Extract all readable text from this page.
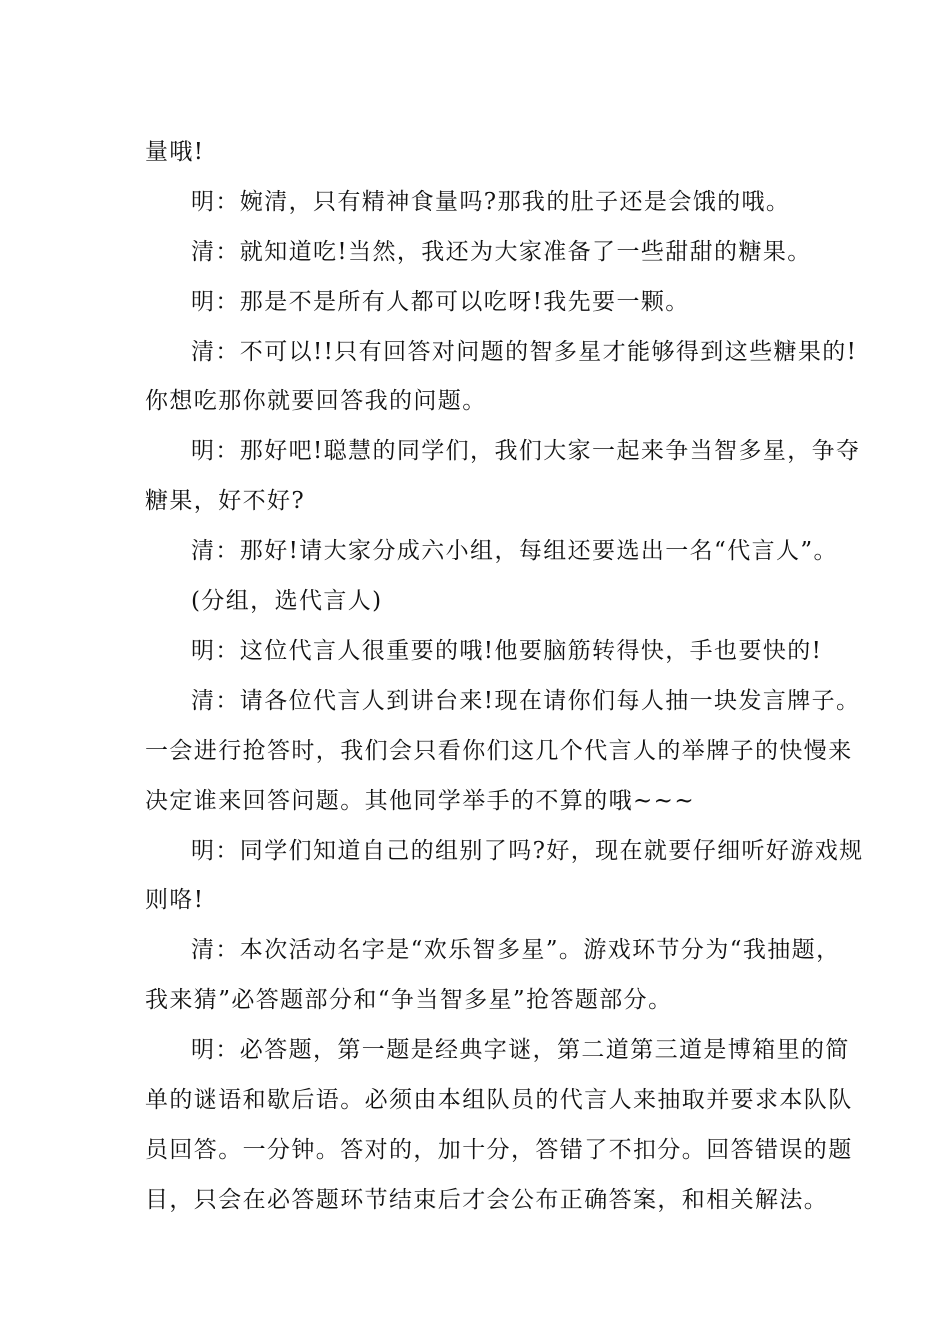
量哦!
明：婉清，只有精神食量吗?那我的肚子还是会饿的哦。
清：就知道吃!当然，我还为大家准备了一些甜甜的糖果。
明：那是不是所有人都可以吃呀!我先要一颗。
清：不可以!!只有回答对问题的智多星才能够得到这些糖果的!
你想吃那你就要回答我的问题。
明：那好吧!聪慧的同学们，我们大家一起来争当智多星，争夺
糖果，好不好?
清：那好!请大家分成六小组，每组还要选出一名“代言人”。
(分组，选代言人)
明：这位代言人很重要的哦!他要脑筋转得快，手也要快的!
清：请各位代言人到讲台来!现在请你们每人抽一块发言牌子。
一会进行抢答时，我们会只看你们这几个代言人的举牌子的快慢来
决定谁来回答问题。其他同学举手的不算的哦~~~
明：同学们知道自己的组别了吗?好，现在就要仔细听好游戏规
则咯!
清：本次活动名字是“欢乐智多星”。游戏环节分为“我抽题，
我来猜”必答题部分和“争当智多星”抢答题部分。
明：必答题，第一题是经典字谜，第二道第三道是博箱里的简
单的谜语和歇后语。必须由本组队员的代言人来抽取并要求本队队
员回答。一分钟。答对的，加十分，答错了不扣分。回答错误的题
目，只会在必答题环节结束后才会公布正确答案，和相关解法。
